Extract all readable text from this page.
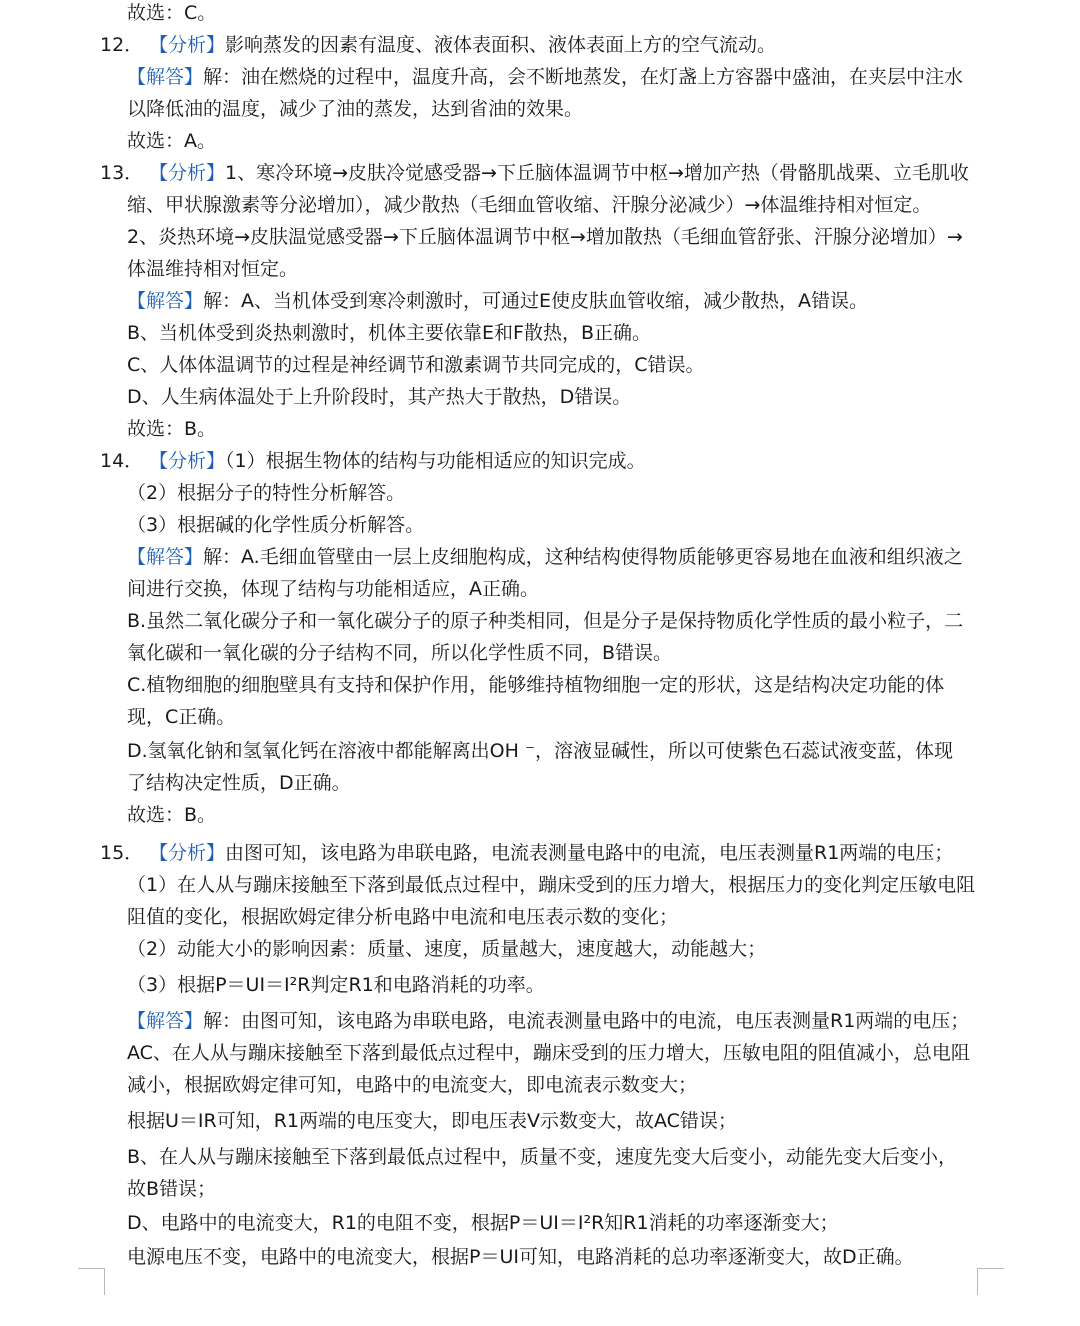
故选：C。
12． 【分析】影响蒸发的因素有温度、液体表面积、液体表面上方的空气流动。
【解答】解：油在燃烧的过程中，温度升高，会不断地蒸发，在灯盏上方容器中盛油，在夹层中注水
以降低油的温度，减少了油的蒸发，达到省油的效果。
故选：A。
13． 【分析】1、寒冷环境→皮肤冷觉感受器→下丘脑体温调节中枢→增加产热（骨骼肌战栗、立毛肌收
缩、甲状腺激素等分泌增加），减少散热（毛细血管收缩、汗腺分泌减少）→体温维持相对恒定。
2、炎热环境→皮肤温觉感受器→下丘脑体温调节中枢→增加散热（毛细血管舒张、汗腺分泌增加）→
体温维持相对恒定。
【解答】解：A、当机体受到寒冷刺激时，可通过E使皮肤血管收缩，减少散热，A错误。
B、当机体受到炎热刺激时，机体主要依靠E和F散热，B正确。
C、人体体温调节的过程是神经调节和激素调节共同完成的，C错误。
D、人生病体温处于上升阶段时，其产热大于散热，D错误。
故选：B。
14． 【分析】（1）根据生物体的结构与功能相适应的知识完成。
（2）根据分子的特性分析解答。
（3）根据碱的化学性质分析解答。
【解答】解：A.毛细血管壁由一层上皮细胞构成，这种结构使得物质能够更容易地在血液和组织液之
间进行交换，体现了结构与功能相适应，A正确。
B.虽然二氧化碳分子和一氧化碳分子的原子种类相同，但是分子是保持物质化学性质的最小粒子，二
氧化碳和一氧化碳的分子结构不同，所以化学性质不同，B错误。
C.植物细胞的细胞壁具有支持和保护作用，能够维持植物细胞一定的形状，这是结构决定功能的体
现，C正确。
D.氢氧化钠和氢氧化钙在溶液中都能解离出OH ⁻，溶液显碱性，所以可使紫色石蕊试液变蓝，体现
了结构决定性质，D正确。
故选：B。
15． 【分析】由图可知，该电路为串联电路，电流表测量电路中的电流，电压表测量R1两端的电压；
（1）在人从与蹦床接触至下落到最低点过程中，蹦床受到的压力增大，根据压力的变化判定压敏电阻
阻值的变化，根据欧姆定律分析电路中电流和电压表示数的变化；
（2）动能大小的影响因素：质量、速度，质量越大，速度越大，动能越大；
（3）根据P＝UI＝I²R判定R1和电路消耗的功率。
【解答】解：由图可知，该电路为串联电路，电流表测量电路中的电流，电压表测量R1两端的电压；
AC、在人从与蹦床接触至下落到最低点过程中，蹦床受到的压力增大，压敏电阻的阻值减小，总电阻
减小，根据欧姆定律可知，电路中的电流变大，即电流表示数变大；
根据U＝IR可知，R1两端的电压变大，即电压表V示数变大，故AC错误；
B、在人从与蹦床接触至下落到最低点过程中，质量不变，速度先变大后变小，动能先变大后变小，
故B错误；
D、电路中的电流变大，R1的电阻不变，根据P＝UI＝I²R知R1消耗的功率逐渐变大；
电源电压不变，电路中的电流变大，根据P＝UI可知，电路消耗的总功率逐渐变大，故D正确。
